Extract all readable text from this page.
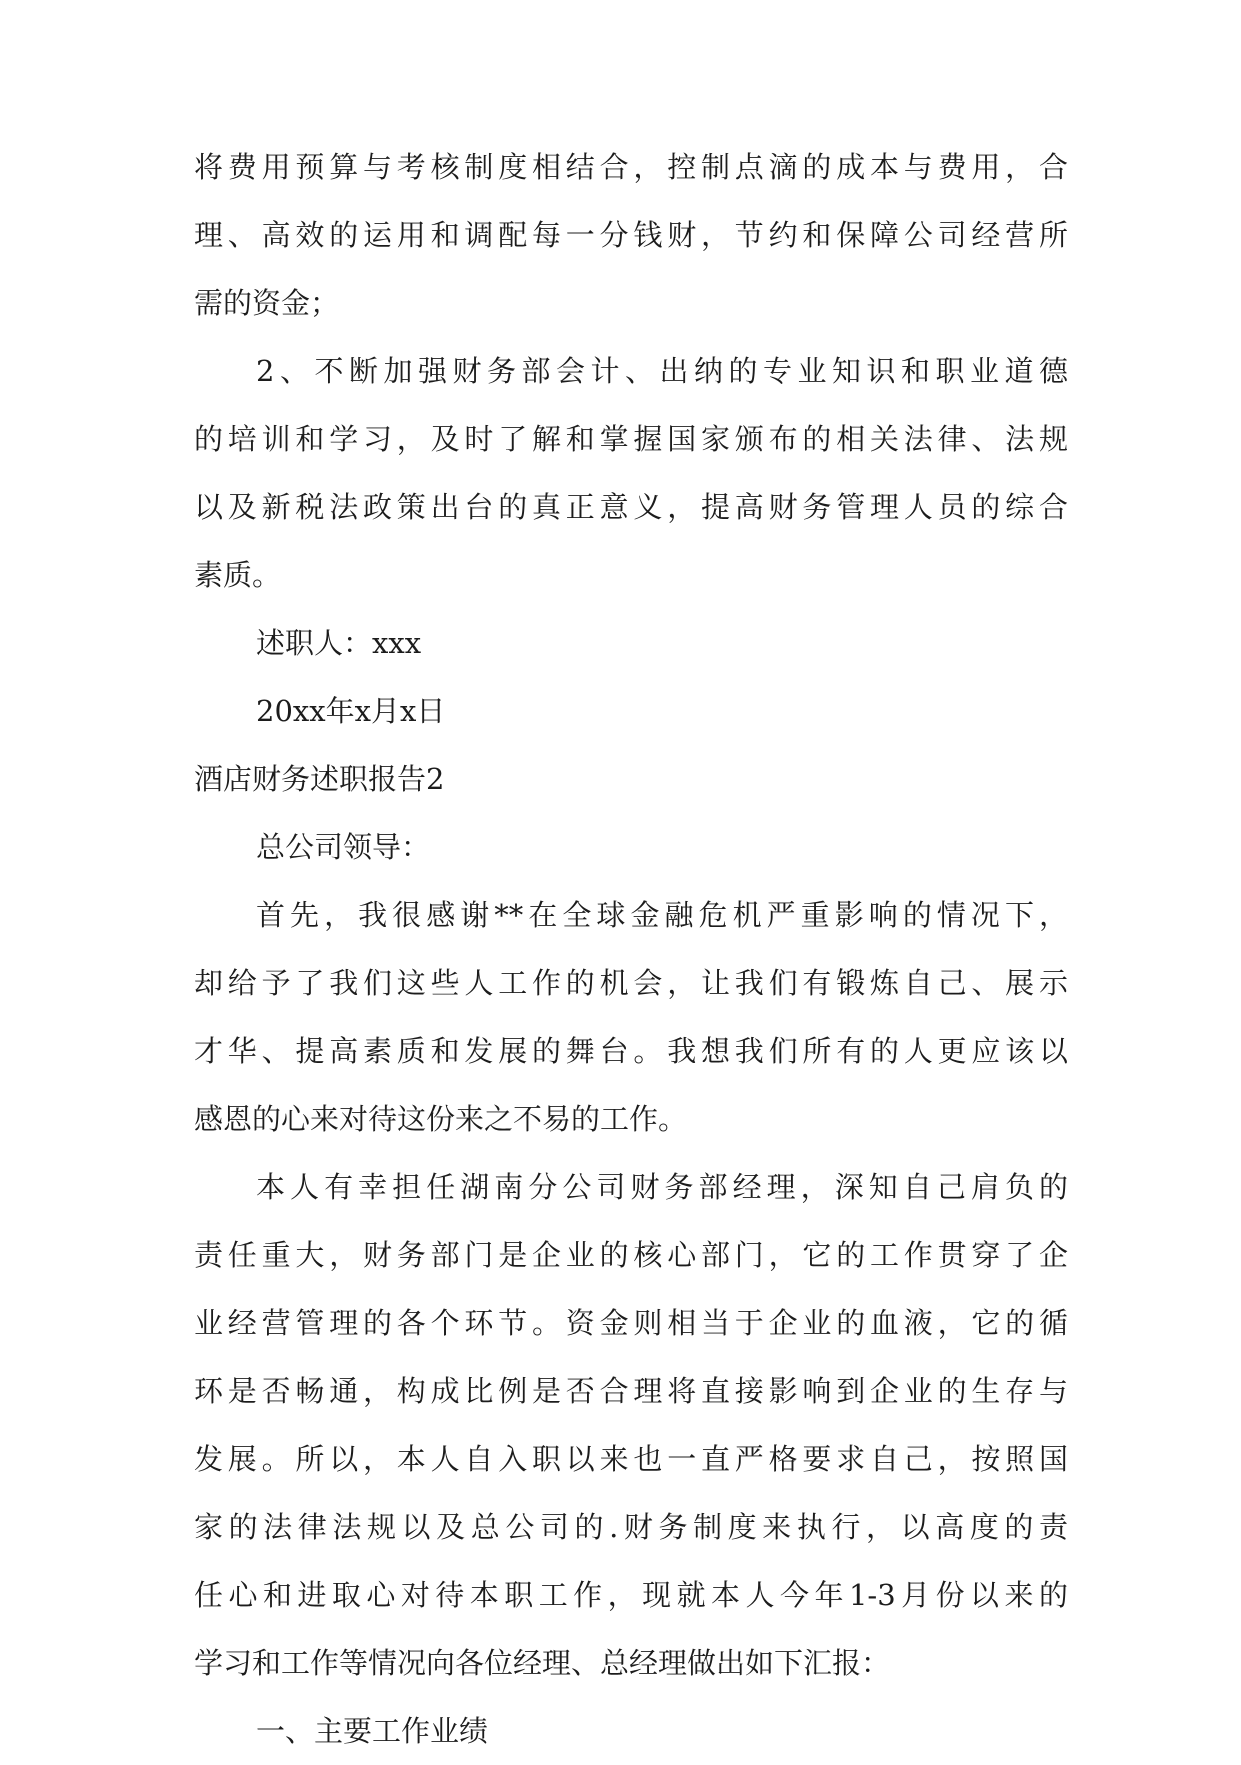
将费用预算与考核制度相结合，控制点滴的成本与费用，合
理、高效的运用和调配每一分钱财，节约和保障公司经营所
需的资金；
2、不断加强财务部会计、出纳的专业知识和职业道德
的培训和学习，及时了解和掌握国家颁布的相关法律、法规
以及新税法政策出台的真正意义，提高财务管理人员的综合
素质。
述职人：xxx
20xx年x月x日
酒店财务述职报告2
总公司领导：
首先，我很感谢**在全球金融危机严重影响的情况下，
却给予了我们这些人工作的机会，让我们有锻炼自己、展示
才华、提高素质和发展的舞台。我想我们所有的人更应该以
感恩的心来对待这份来之不易的工作。
本人有幸担任湖南分公司财务部经理，深知自己肩负的
责任重大，财务部门是企业的核心部门，它的工作贯穿了企
业经营管理的各个环节。资金则相当于企业的血液，它的循
环是否畅通，构成比例是否合理将直接影响到企业的生存与
发展。所以，本人自入职以来也一直严格要求自己，按照国
家的法律法规以及总公司的.财务制度来执行，以高度的责
任心和进取心对待本职工作，现就本人今年1-3月份以来的
学习和工作等情况向各位经理、总经理做出如下汇报：
一、主要工作业绩
